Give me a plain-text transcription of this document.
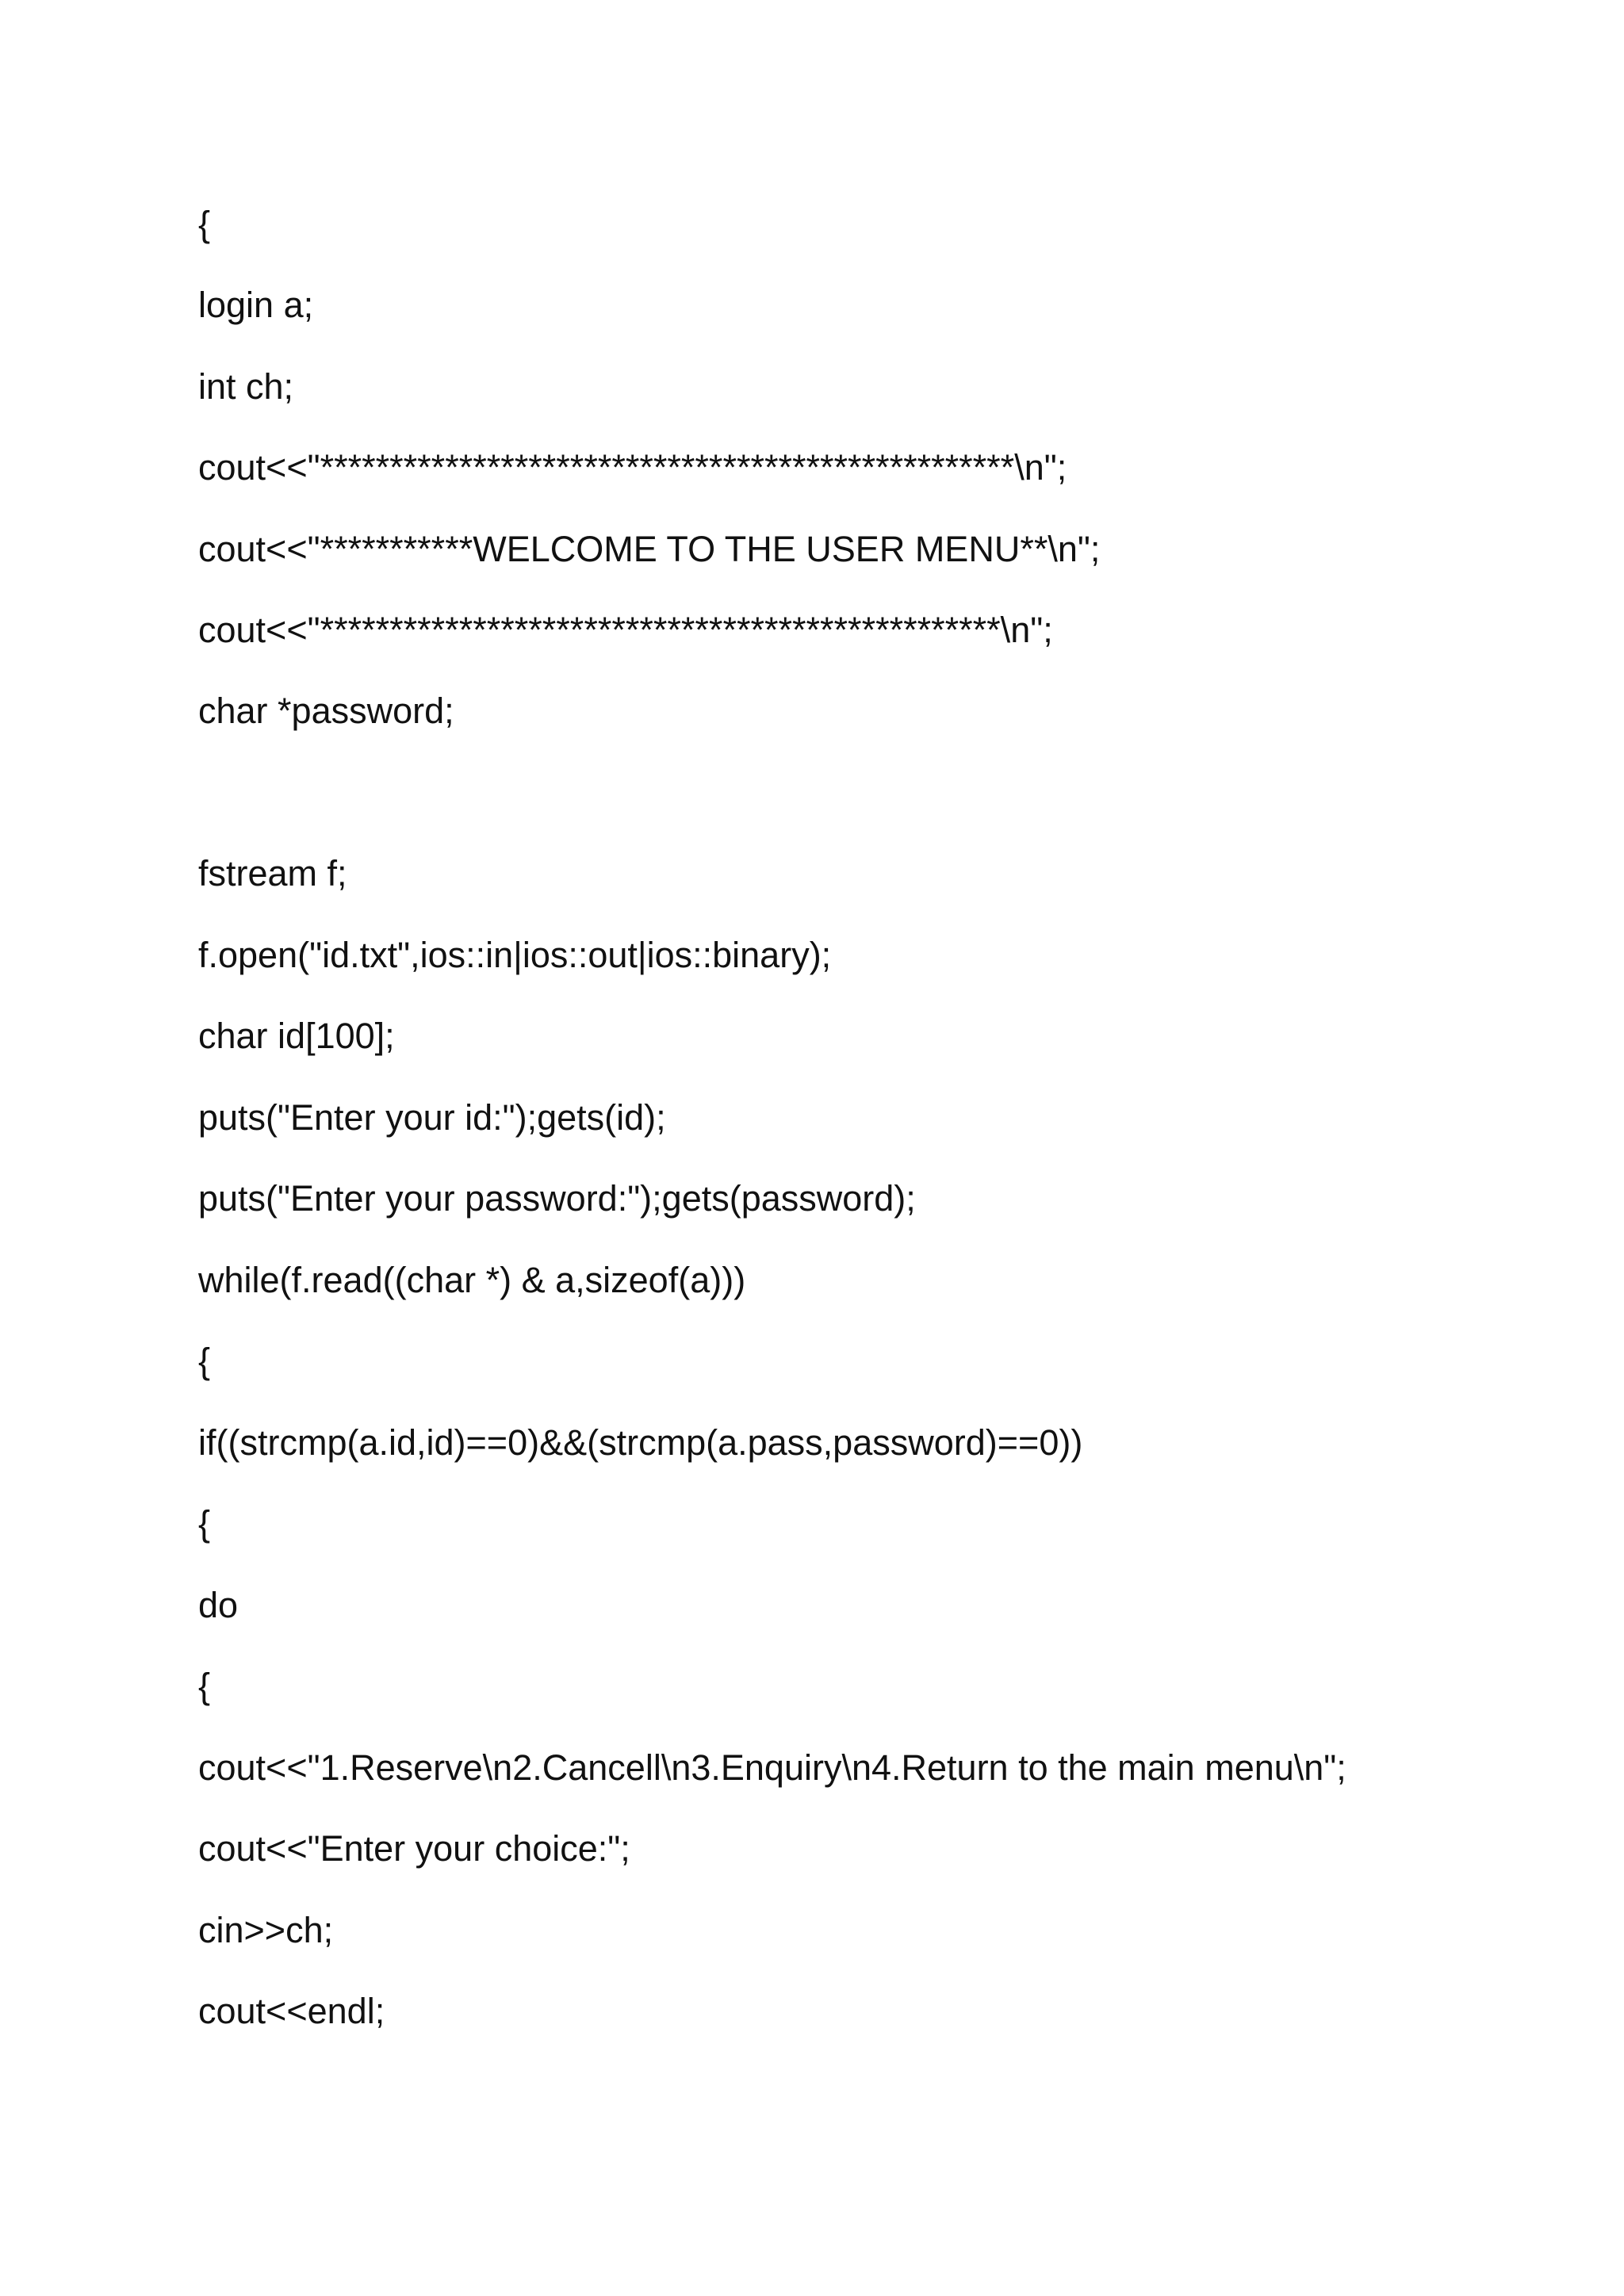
{
login a;
int ch;
cout<<"**************************************************\n";
cout<<"***********WELCOME TO THE USER MENU**\n";
cout<<"*************************************************\n";
char *password;
fstream f;
f.open("id.txt",ios::in|ios::out|ios::binary);
char id[100];
puts("Enter your id:");gets(id);
puts("Enter your password:");gets(password);
while(f.read((char *) & a,sizeof(a)))
{
if((strcmp(a.id,id)==0)&&(strcmp(a.pass,password)==0))
{
do
{
cout<<"1.Reserve\n2.Cancell\n3.Enquiry\n4.Return to the main menu\n";
cout<<"Enter your choice:";
cin>>ch;
cout<<endl;
